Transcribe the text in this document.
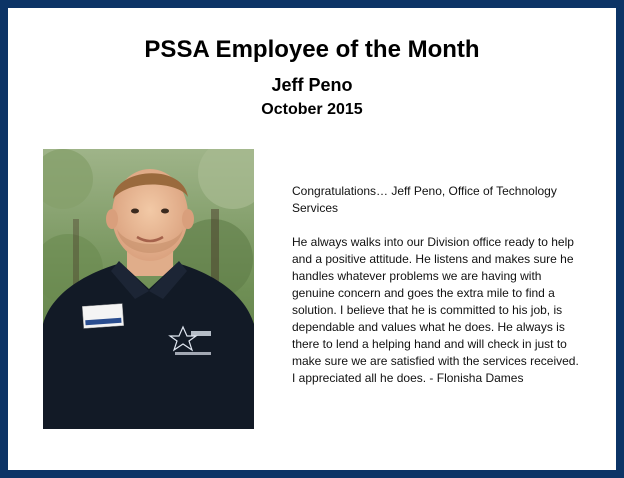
PSSA Employee of the Month
Jeff Peno
October 2015

Congratulations… Jeff Peno, Office of Technology Services

He always walks into our Division office ready to help and a positive attitude. He listens and makes sure he handles whatever problems we are having with genuine concern and goes the extra mile to find a solution. I believe that he is committed to his job, is dependable and values what he does. He always is there to lend a helping hand and will check in just to make sure we are satisfied with the services received. I appreciated all he does. - Flonisha Dames
